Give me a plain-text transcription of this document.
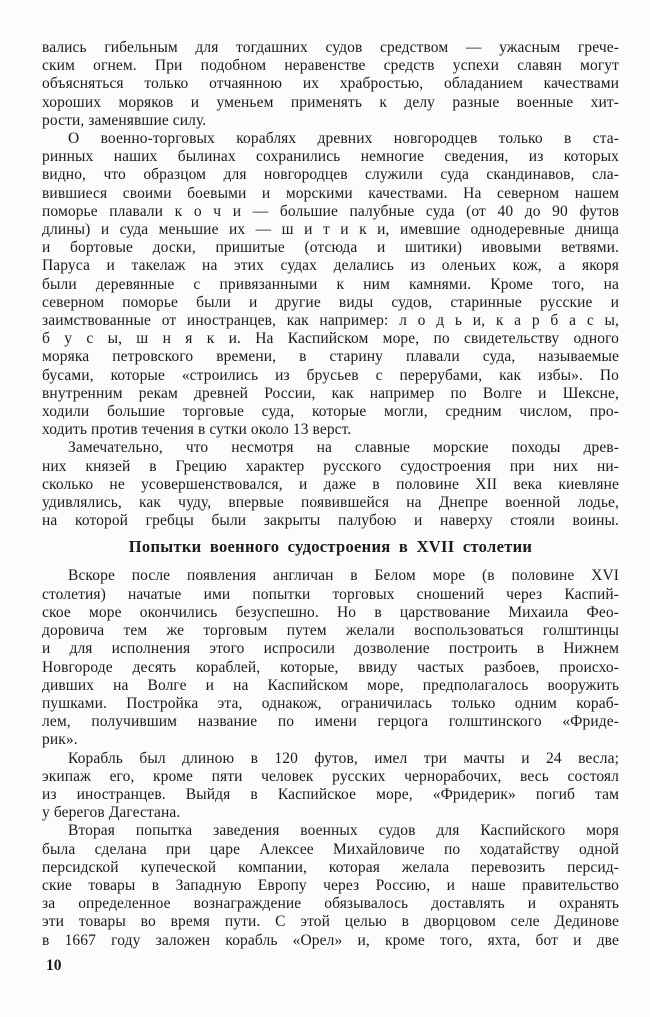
вались гибельным для тогдашних судов средством — ужасным грече-
ским огнем. При подобном неравенстве средств успехи славян могут
объясняться только отчаянною их храбростью, обладанием качествами
хороших моряков и уменьем применять к делу разные военные хит-
рости, заменявшие силу.
О военно-торговых кораблях древних новгородцев только в ста-
ринных наших былинах сохранились немногие сведения, из которых
видно, что образцом для новгородцев служили суда скандинавов, сла-
вившиеся своими боевыми и морскими качествами. На северном нашем
поморье плавали к о ч и — большие палубные суда (от 40 до 90 футов
длины) и суда меньшие их — ш и т и к и, имевшие однодеревные днища
и бортовые доски, пришитые (отсюда и шитики) ивовыми ветвями.
Паруса и такелаж на этих судах делались из оленьих кож, а якоря
были деревянные с привязанными к ним камнями. Кроме того, на
северном поморье были и другие виды судов, старинные русские и
заимствованные от иностранцев, как например: л о д ь и, к а р б а с ы,
б у с ы, ш н я к и. На Каспийском море, по свидетельству одного
моряка петровского времени, в старину плавали суда, называемые
бусами, которые «строились из брусьев с перерубами, как избы». По
внутренним рекам древней России, как например по Волге и Шексне,
ходили большие торговые суда, которые могли, средним числом, про-
ходить против течения в сутки около 13 верст.
Замечательно, что несмотря на славные морские походы древ-
них князей в Грецию характер русского судостроения при них ни-
сколько не усовершенствовался, и даже в половине XII века киевляне
удивлялись, как чуду, впервые появившейся на Днепре военной лодье,
на которой гребцы были закрыты палубою и наверху стояли воины.
Попытки военного судостроения в XVII столетии
Вскоре после появления англичан в Белом море (в половине XVI
столетия) начатые ими попытки торговых сношений через Каспий-
ское море окончились безуспешно. Но в царствование Михаила Фео-
доровича тем же торговым путем желали воспользоваться голштинцы
и для исполнения этого испросили дозволение построить в Нижнем
Новгороде десять кораблей, которые, ввиду частых разбоев, происхо-
дивших на Волге и на Каспийском море, предполагалось вооружить
пушками. Постройка эта, однакож, ограничилась только одним кораб-
лем, получившим название по имени герцога голштинского «Фриде-
рик».
Корабль был длиною в 120 футов, имел три мачты и 24 весла;
экипаж его, кроме пяти человек русских чернорабочих, весь состоял
из иностранцев. Выйдя в Каспийское море, «Фридерик» погиб там
у берегов Дагестана.
Вторая попытка заведения военных судов для Каспийского моря
была сделана при царе Алексее Михайловиче по ходатайству одной
персидской купеческой компании, которая желала перевозить персид-
ские товары в Западную Европу через Россию, и наше правительство
за определенное вознаграждение обязывалось доставлять и охранять
эти товары во время пути. С этой целью в дворцовом селе Дединове
в 1667 году заложен корабль «Орел» и, кроме того, яхта, бот и две
10
